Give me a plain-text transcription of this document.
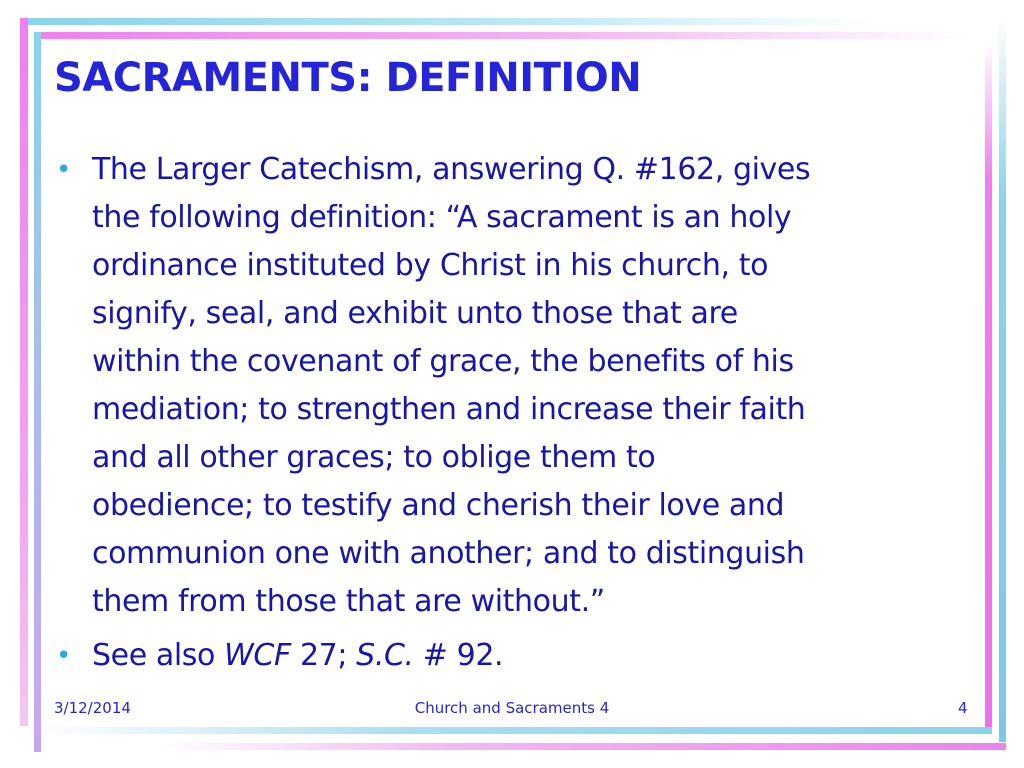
SACRAMENTS: DEFINITION
• The Larger Catechism, answering Q. #162, gives
the following definition: “A sacrament is an holy
ordinance instituted by Christ in his church, to
signify, seal, and exhibit unto those that are
within the covenant of grace, the benefits of his
mediation; to strengthen and increase their faith
and all other graces; to oblige them to
obedience; to testify and cherish their love and
communion one with another; and to distinguish
them from those that are without.”
• See also WCF 27; S.C. # 92.
3/12/2014	Church and Sacraments 4	4
